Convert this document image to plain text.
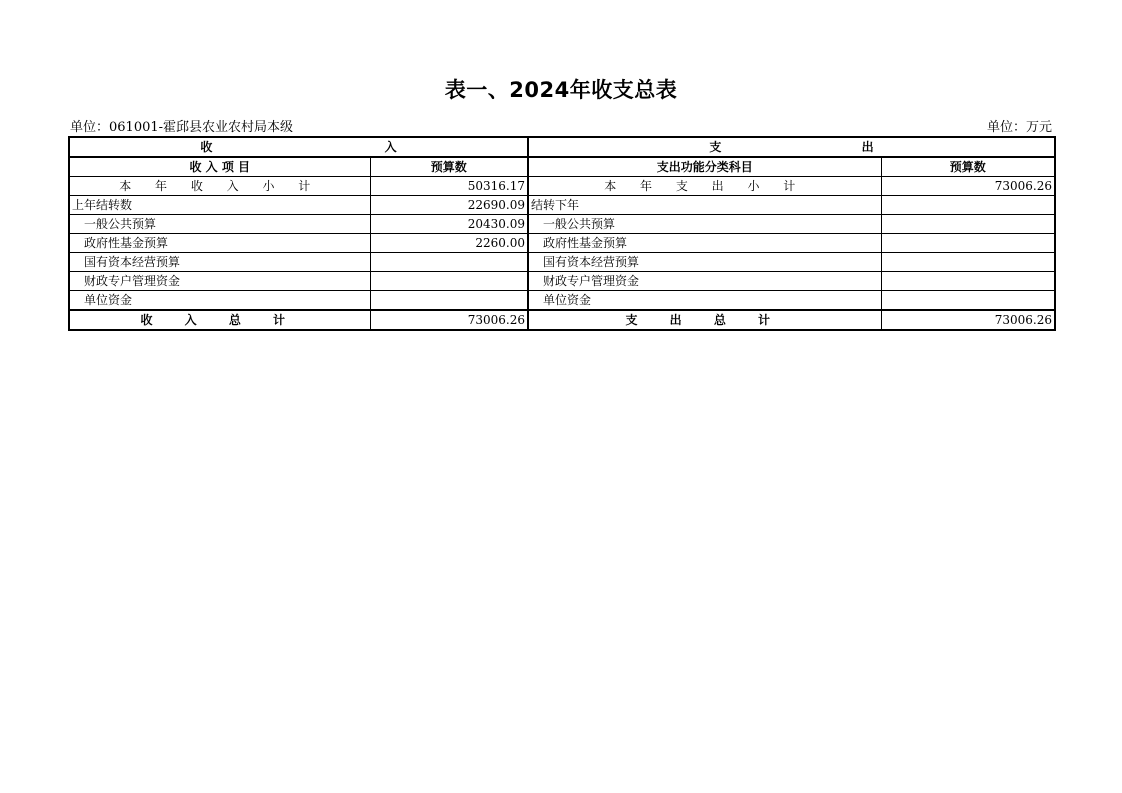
表一、2024年收支总表
单位：061001-霍邱县农业农村局本级	单位：万元
收 入		支 出	
收 入 项 目	预算数	支出功能分类科目	预算数
本 年 收 入 小 计	50316.17	本 年 支 出 小 计	73006.26
上年结转数	22690.09	结转下年	
一般公共预算	20430.09	一般公共预算	
政府性基金预算	2260.00	政府性基金预算	
国有资本经营预算		国有资本经营预算	
财政专户管理资金		财政专户管理资金	
单位资金		单位资金	
收 入 总 计	73006.26	支 出 总 计	73006.26
